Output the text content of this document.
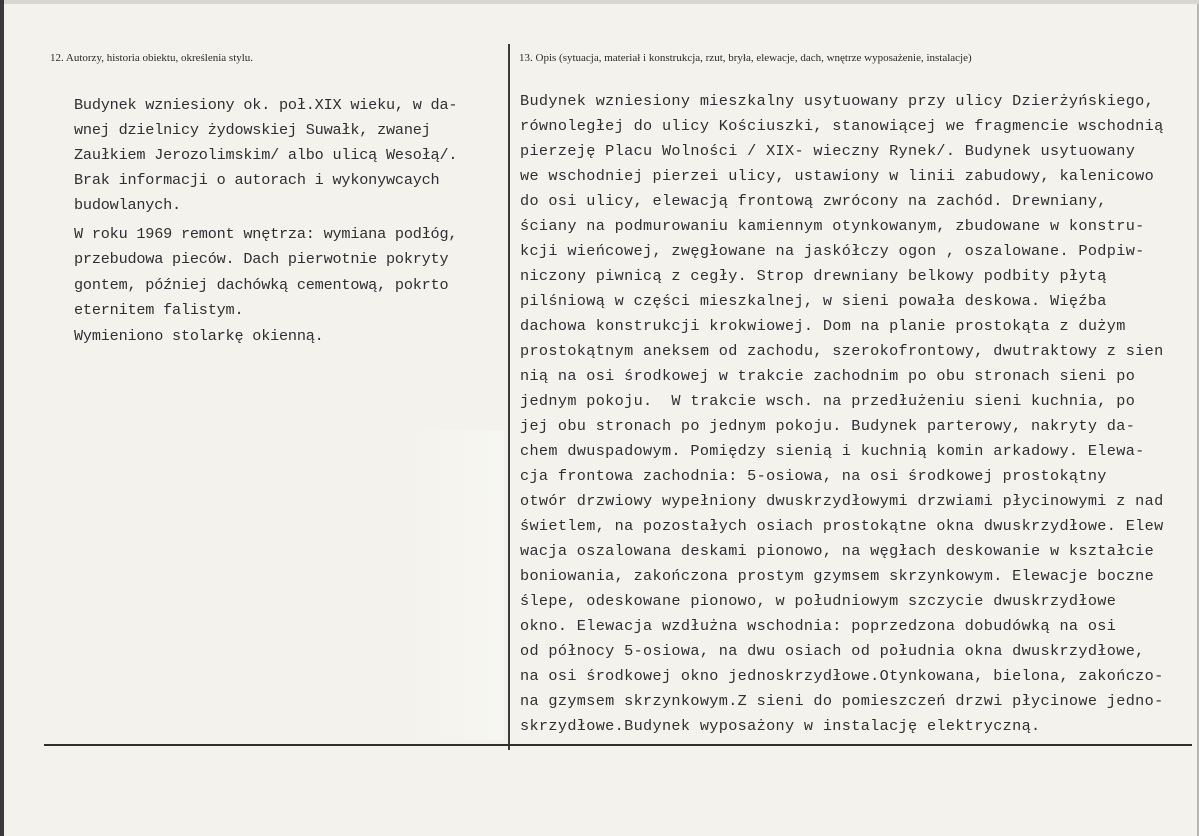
12. Autorzy, historia obiektu, określenia stylu.	13. Opis (sytuacja, materiał i konstrukcja, rzut, bryła, elewacje, dach, wnętrze wyposażenie, instalacje)
Budynek wzniesiony ok. poł.XIX wieku, w da-
wnej dzielnicy żydowskiej Suwałk, zwanej
Zaułkiem Jerozolimskim/ albo ulicą Wesołą/.
Brak informacji o autorach i wykonywcaych
budowlanych.
W roku 1969 remont wnętrza: wymiana podłóg,
przebudowa pieców. Dach pierwotnie pokryty
gontem, później dachówką cementową, pokrto
eternitem falistym.
Wymieniono stolarkę okienną.
Budynek wzniesiony mieszkalny usytuowany przy ulicy Dzierżyńskiego,
równoległej do ulicy Kościuszki, stanowiącej we fragmencie wschodnią
pierzeję Placu Wolności / XIX- wieczny Rynek/. Budynek usytuowany
we wschodniej pierzei ulicy, ustawiony w linii zabudowy, kalenicowo
do osi ulicy, elewacją frontową zwrócony na zachód. Drewniany,
ściany na podmurowaniu kamiennym otynkowanym, zbudowane w konstru-
kcji wieńcowej, zwęgłowane na jaskółczy ogon , oszalowane. Podpiw-
niczony piwnicą z cegły. Strop drewniany belkowy podbity płytą
pilśniową w części mieszkalnej, w sieni powała deskowa. Więźba
dachowa konstrukcji krokwiowej. Dom na planie prostokąta z dużym
prostokątnym aneksem od zachodu, szerokofrontowy, dwutraktowy z sien
nią na osi środkowej w trakcie zachodnim po obu stronach sieni po
jednym pokoju.  W trakcie wsch. na przedłużeniu sieni kuchnia, po
jej obu stronach po jednym pokoju. Budynek parterowy, nakryty da-
chem dwuspadowym. Pomiędzy sienią i kuchnią komin arkadowy. Elewa-
cja frontowa zachodnia: 5-osiowa, na osi środkowej prostokątny
otwór drzwiowy wypełniony dwuskrzydłowymi drzwiami płycinowymi z nad
świetlem, na pozostałych osiach prostokątne okna dwuskrzydłowe. Elew
wacja oszalowana deskami pionowo, na węgłach deskowanie w kształcie
boniowania, zakończona prostym gzymsem skrzynkowym. Elewacje boczne
ślepe, odeskowane pionowo, w południowym szczycie dwuskrzydłowe
okno. Elewacja wzdłużna wschodnia: poprzedzona dobudówką na osi
od północy 5-osiowa, na dwu osiach od południa okna dwuskrzydłowe,
na osi środkowej okno jednoskrzydłowe.Otynkowana, bielona, zakończo-
na gzymsem skrzynkowym.Z sieni do pomieszczeń drzwi płycinowe jedno-
skrzydłowe.Budynek wyposażony w instalację elektryczną.
